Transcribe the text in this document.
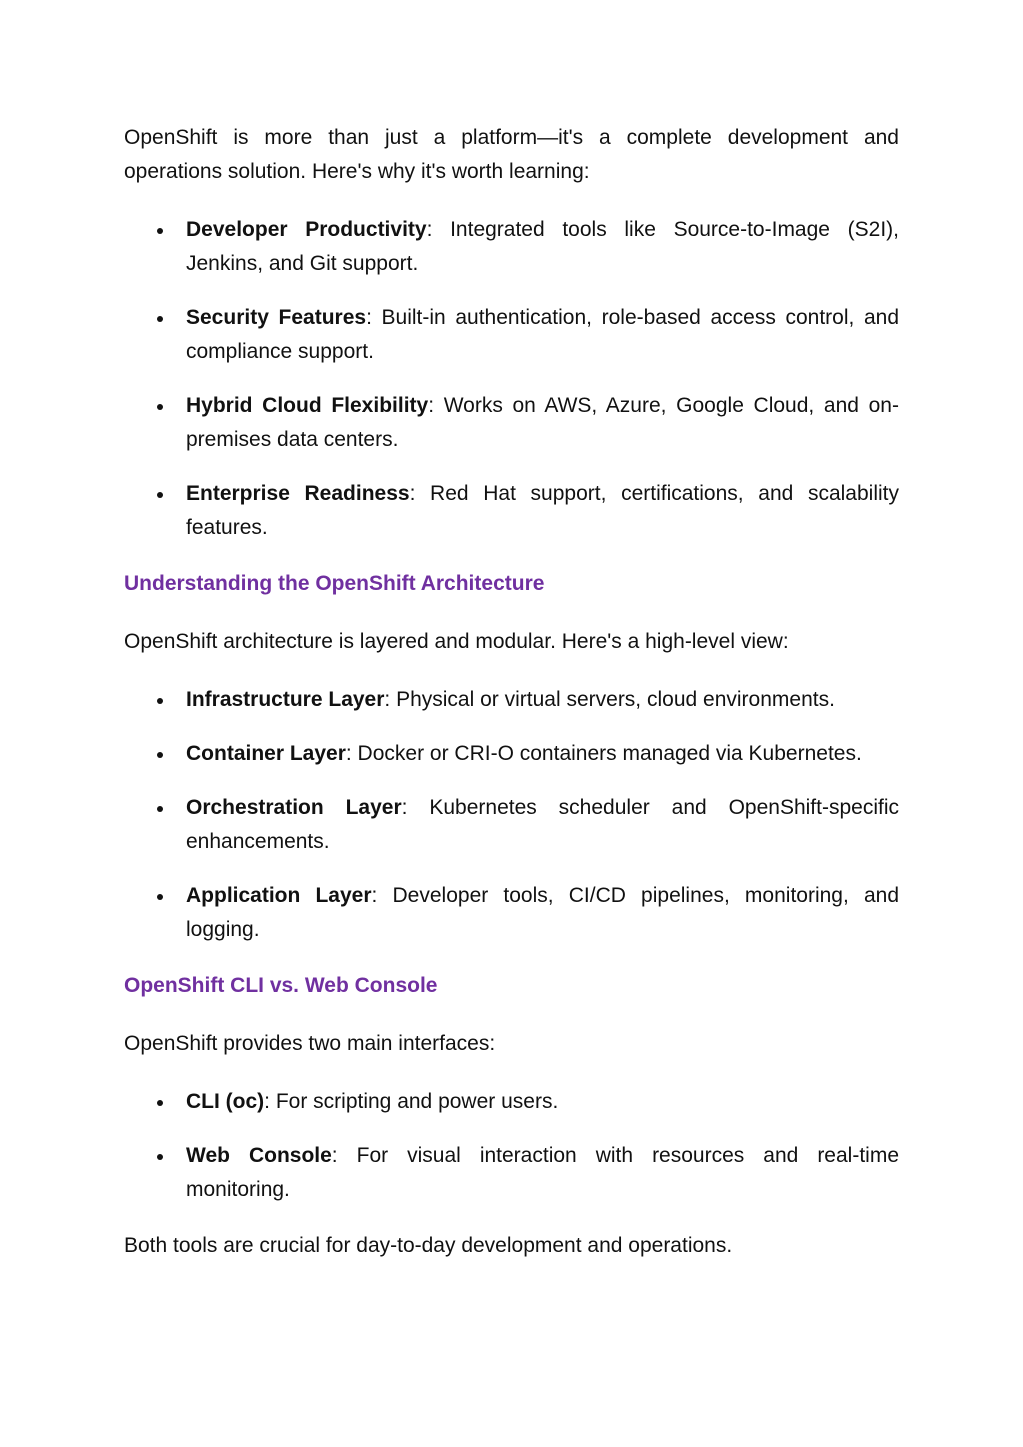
OpenShift is more than just a platform—it's a complete development and operations solution. Here's why it's worth learning:

Developer Productivity: Integrated tools like Source-to-Image (S2I), Jenkins, and Git support.
Security Features: Built-in authentication, role-based access control, and compliance support.
Hybrid Cloud Flexibility: Works on AWS, Azure, Google Cloud, and on-premises data centers.
Enterprise Readiness: Red Hat support, certifications, and scalability features.
Understanding the OpenShift Architecture

OpenShift architecture is layered and modular. Here's a high-level view:

Infrastructure Layer: Physical or virtual servers, cloud environments.
Container Layer: Docker or CRI-O containers managed via Kubernetes.
Orchestration Layer: Kubernetes scheduler and OpenShift-specific enhancements.
Application Layer: Developer tools, CI/CD pipelines, monitoring, and logging.
OpenShift CLI vs. Web Console

OpenShift provides two main interfaces:

CLI (oc): For scripting and power users.
Web Console: For visual interaction with resources and real-time monitoring.

Both tools are crucial for day-to-day development and operations.
